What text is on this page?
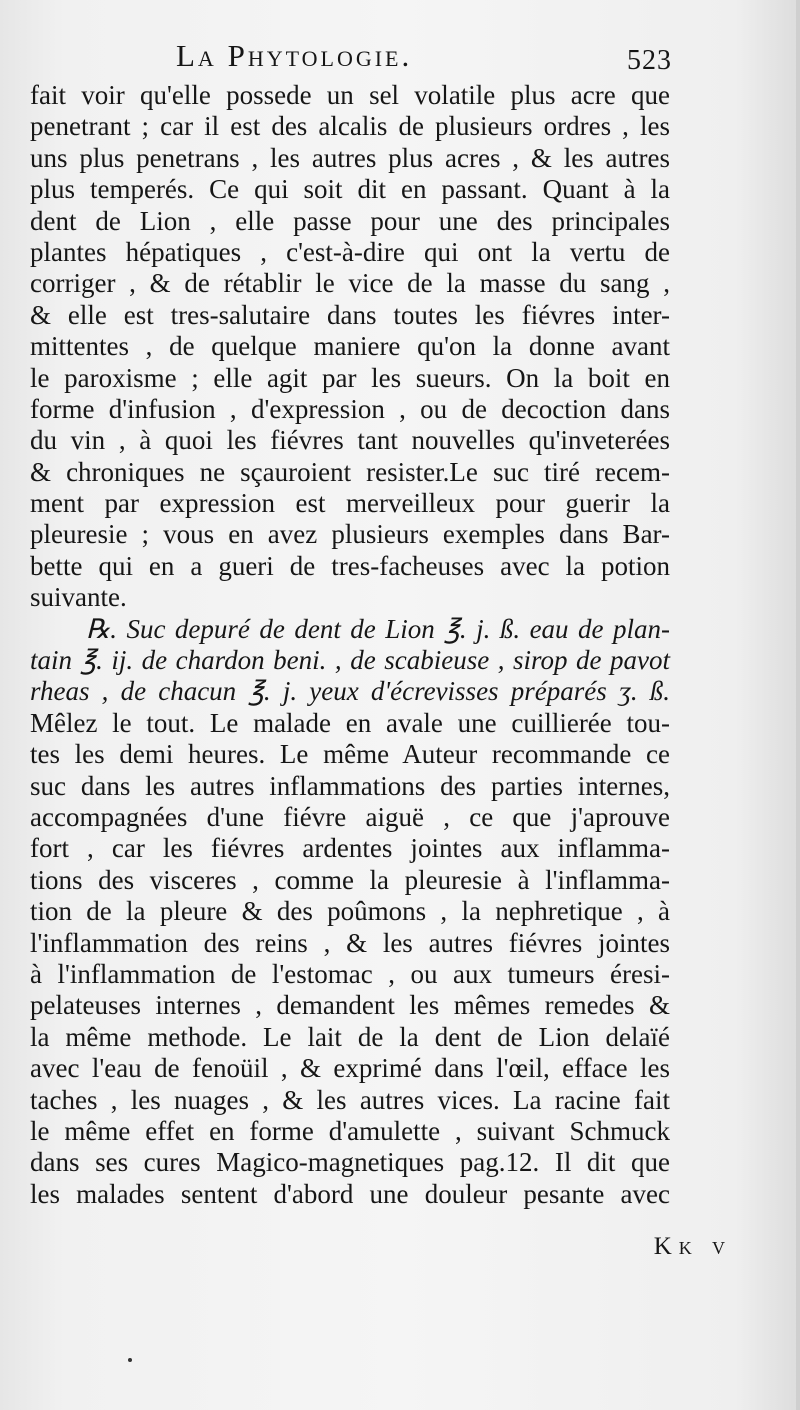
La Phytologie.	523
fait voir qu'elle possede un sel volatile plus acre que
penetrant ; car il est des alcalis de plusieurs ordres , les
uns plus penetrans , les autres plus acres , & les autres
plus temperés. Ce qui soit dit en passant. Quant à la
dent de Lion , elle passe pour une des principales
plantes hépatiques , c'est-à-dire qui ont la vertu de
corriger , & de rétablir le vice de la masse du sang ,
& elle est tres-salutaire dans toutes les fiévres inter-
mittentes , de quelque maniere qu'on la donne avant
le paroxisme ; elle agit par les sueurs. On la boit en
forme d'infusion , d'expression , ou de decoction dans
du vin , à quoi les fiévres tant nouvelles qu'inveterées
& chroniques ne sçauroient resister.Le suc tiré recem-
ment par expression est merveilleux pour guerir la
pleuresie ; vous en avez plusieurs exemples dans Bar-
bette qui en a gueri de tres-facheuses avec la potion
suivante.
℞. Suc depuré de dent de Lion ℥. j. ß. eau de plan-
tain ℥. ij. de chardon beni. , de scabieuse , sirop de pavot
rheas , de chacun ℥. j. yeux d'écrevisses préparés ʒ. ß.
Mêlez le tout. Le malade en avale une cuillierée tou-
tes les demi heures. Le même Auteur recommande ce
suc dans les autres inflammations des parties internes,
accompagnées d'une fiévre aiguë , ce que j'aprouve
fort , car les fiévres ardentes jointes aux inflamma-
tions des visceres , comme la pleuresie à l'inflamma-
tion de la pleure & des poûmons , la nephretique , à
l'inflammation des reins , & les autres fiévres jointes
à l'inflammation de l'estomac , ou aux tumeurs éresi-
pelateuses internes , demandent les mêmes remedes &
la même methode. Le lait de la dent de Lion delaïé
avec l'eau de fenoüil , & exprimé dans l'œil, efface les
taches , les nuages , & les autres vices. La racine fait
le même effet en forme d'amulette , suivant Schmuck
dans ses cures Magico-magnetiques pag.12. Il dit que
les malades sentent d'abord une douleur pesante avec
Kk v
